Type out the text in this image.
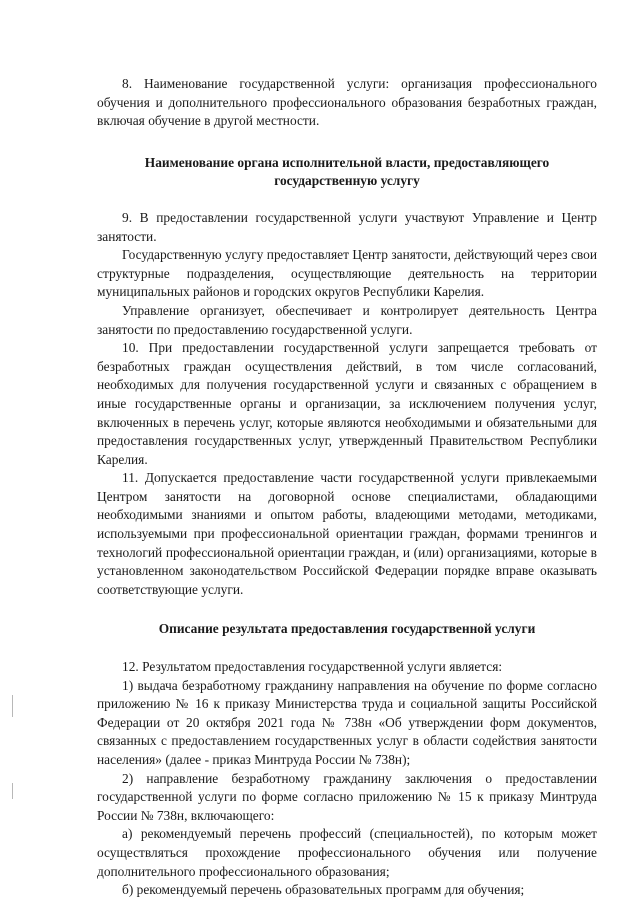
8. Наименование государственной услуги: организация профессионального обучения и дополнительного профессионального образования безработных граждан, включая обучение в другой местности.

Наименование органа исполнительной власти, предоставляющего государственную услугу

9. В предоставлении государственной услуги участвуют Управление и Центр занятости.

Государственную услугу предоставляет Центр занятости, действующий через свои структурные подразделения, осуществляющие деятельность на территории муниципальных районов и городских округов Республики Карелия.

Управление организует, обеспечивает и контролирует деятельность Центра занятости по предоставлению государственной услуги.

10. При предоставлении государственной услуги запрещается требовать от безработных граждан осуществления действий, в том числе согласований, необходимых для получения государственной услуги и связанных с обращением в иные государственные органы и организации, за исключением получения услуг, включенных в перечень услуг, которые являются необходимыми и обязательными для предоставления государственных услуг, утвержденный Правительством Республики Карелия.

11. Допускается предоставление части государственной услуги привлекаемыми Центром занятости на договорной основе специалистами, обладающими необходимыми знаниями и опытом работы, владеющими методами, методиками, используемыми при профессиональной ориентации граждан, формами тренингов и технологий профессиональной ориентации граждан, и (или) организациями, которые в установленном законодательством Российской Федерации порядке вправе оказывать соответствующие услуги.

Описание результата предоставления государственной услуги

12. Результатом предоставления государственной услуги является:

1) выдача безработному гражданину направления на обучение по форме согласно приложению № 16 к приказу Министерства труда и социальной защиты Российской Федерации от 20 октября 2021 года № 738н «Об утверждении форм документов, связанных с предоставлением государственных услуг в области содействия занятости населения» (далее - приказ Минтруда России № 738н);

2) направление безработному гражданину заключения о предоставлении государственной услуги по форме согласно приложению № 15 к приказу Минтруда России № 738н, включающего:

а) рекомендуемый перечень профессий (специальностей), по которым может осуществляться прохождение профессионального обучения или получение дополнительного профессионального образования;

б) рекомендуемый перечень образовательных программ для обучения;
